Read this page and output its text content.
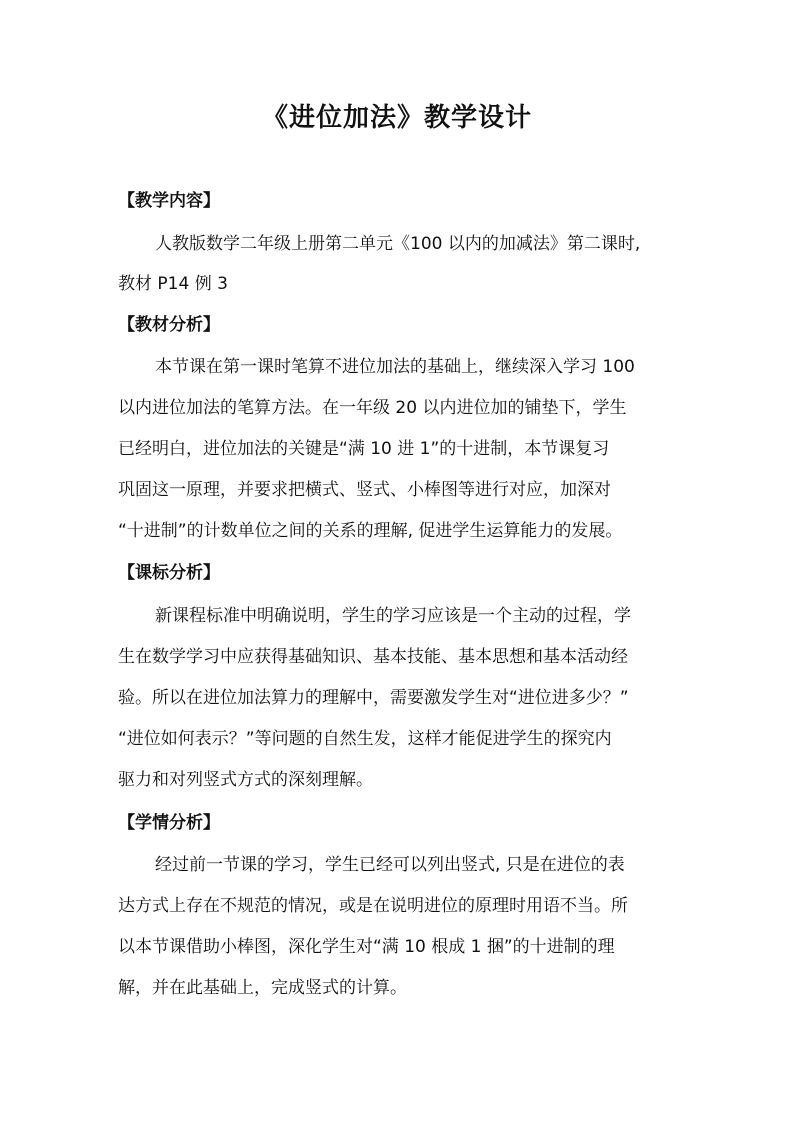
《进位加法》教学设计

【教学内容】

人教版数学二年级上册第二单元《100 以内的加减法》第二课时,

教材 P14 例 3

【教材分析】

本节课在第一课时笔算不进位加法的基础上，继续深入学习 100

以内进位加法的笔算方法。在一年级 20 以内进位加的铺垫下，学生

已经明白，进位加法的关键是“满 10 进 1”的十进制，本节课复习

巩固这一原理，并要求把横式、竖式、小棒图等进行对应，加深对

“十进制”的计数单位之间的关系的理解, 促进学生运算能力的发展。

【课标分析】

新课程标准中明确说明，学生的学习应该是一个主动的过程，学

生在数学学习中应获得基础知识、基本技能、基本思想和基本活动经

验。所以在进位加法算力的理解中，需要激发学生对“进位进多少？”

“进位如何表示？”等问题的自然生发，这样才能促进学生的探究内

驱力和对列竖式方式的深刻理解。

【学情分析】

经过前一节课的学习，学生已经可以列出竖式, 只是在进位的表

达方式上存在不规范的情况，或是在说明进位的原理时用语不当。所

以本节课借助小棒图，深化学生对“满 10 根成 1 捆”的十进制的理

解，并在此基础上，完成竖式的计算。
